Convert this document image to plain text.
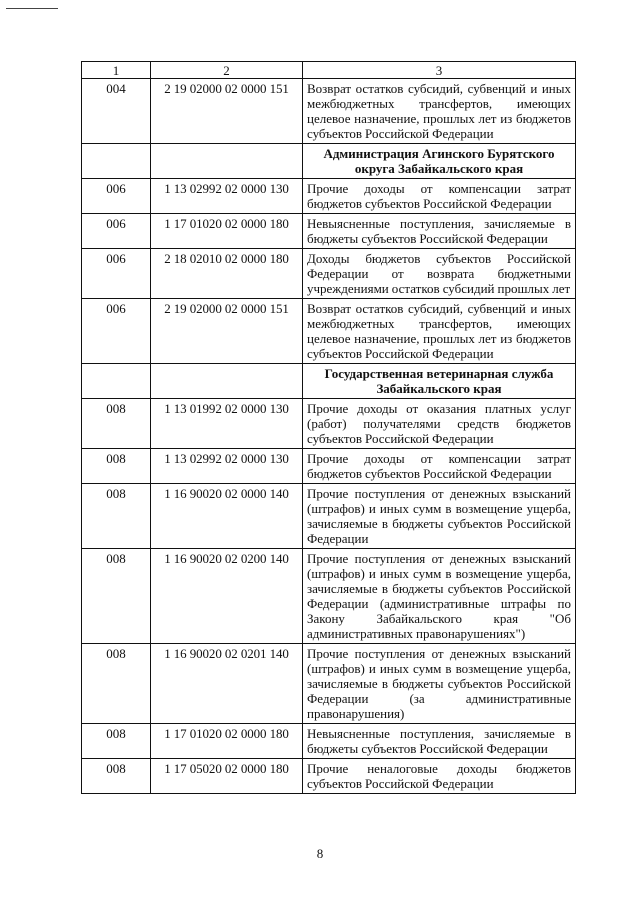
1	2	3
004	2 19 02000 02 0000 151	Возврат остатков субсидий, субвенций и иных межбюджетных трансфертов, имеющих целевое назначение, прошлых лет из бюджетов субъектов Российской Федерации
		Администрация Агинского Бурятского округа Забайкальского края
006	1 13 02992 02 0000 130	Прочие доходы от компенсации затрат бюджетов субъектов Российской Федерации
006	1 17 01020 02 0000 180	Невыясненные поступления, зачисляемые в бюджеты субъектов Российской Федерации
006	2 18 02010 02 0000 180	Доходы бюджетов субъектов Российской Федерации от возврата бюджетными учреждениями остатков субсидий прошлых лет
006	2 19 02000 02 0000 151	Возврат остатков субсидий, субвенций и иных межбюджетных трансфертов, имеющих целевое назначение, прошлых лет из бюджетов субъектов Российской Федерации
		Государственная ветеринарная служба Забайкальского края
008	1 13 01992 02 0000 130	Прочие доходы от оказания платных услуг (работ) получателями средств бюджетов субъектов Российской Федерации
008	1 13 02992 02 0000 130	Прочие доходы от компенсации затрат бюджетов субъектов Российской Федерации
008	1 16 90020 02 0000 140	Прочие поступления от денежных взысканий (штрафов) и иных сумм в возмещение ущерба, зачисляемые в бюджеты субъектов Российской Федерации
008	1 16 90020 02 0200 140	Прочие поступления от денежных взысканий (штрафов) и иных сумм в возмещение ущерба, зачисляемые в бюджеты субъектов Российской Федерации (административные штрафы по Закону Забайкальского края "Об административных правонарушениях")
008	1 16 90020 02 0201 140	Прочие поступления от денежных взысканий (штрафов) и иных сумм в возмещение ущерба, зачисляемые в бюджеты субъектов Российской Федерации (за административные правонарушения)
008	1 17 01020 02 0000 180	Невыясненные поступления, зачисляемые в бюджеты субъектов Российской Федерации
008	1 17 05020 02 0000 180	Прочие неналоговые доходы бюджетов субъектов Российской Федерации
8
